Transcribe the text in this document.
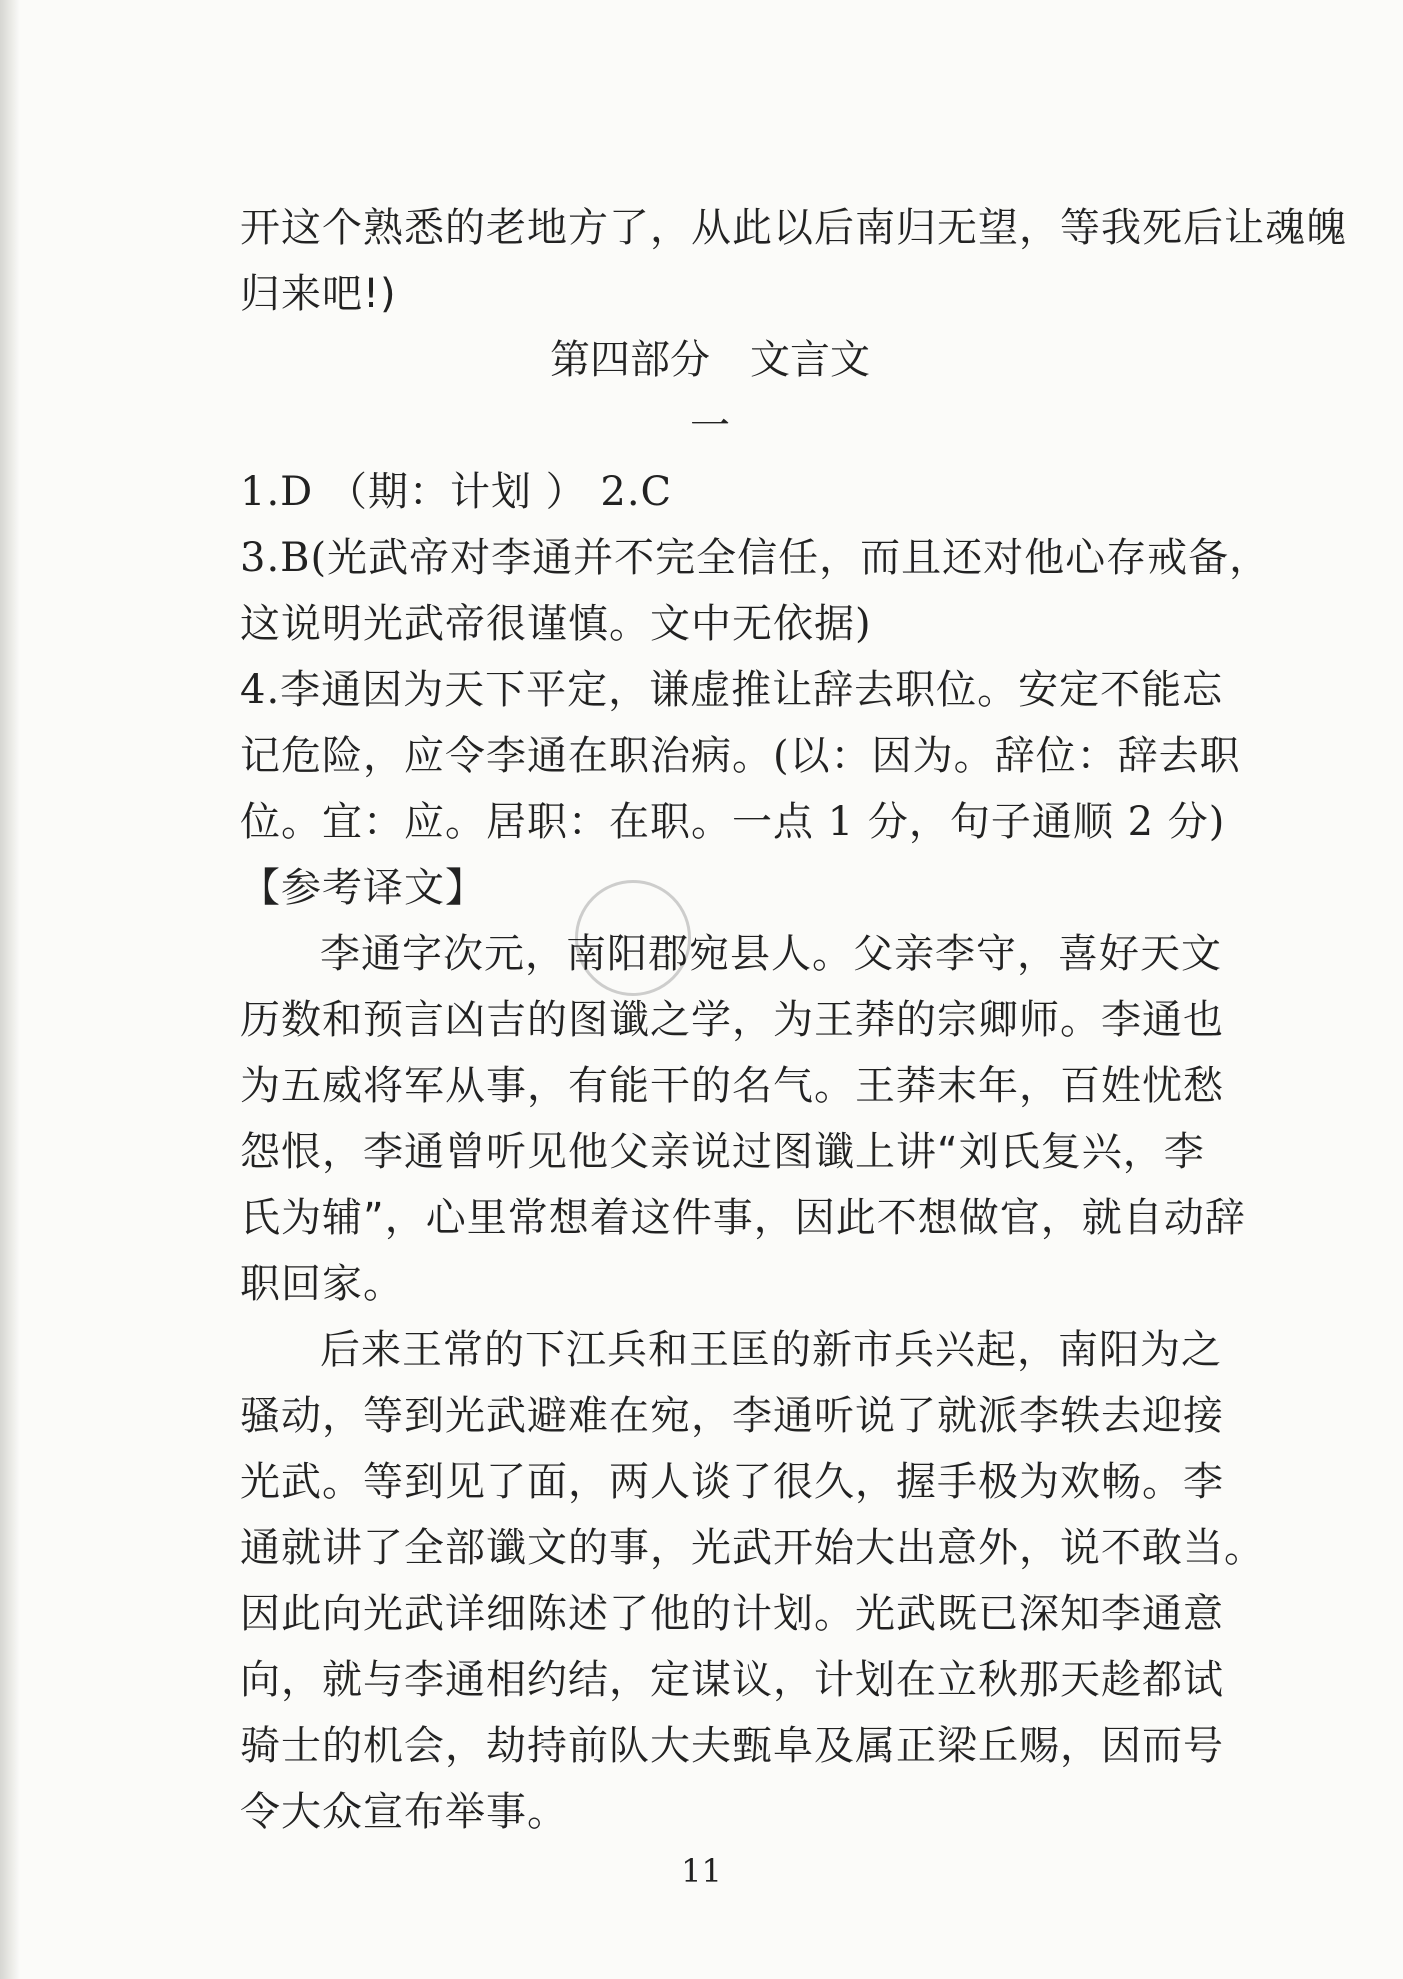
开这个熟悉的老地方了，从此以后南归无望，等我死后让魂魄

归来吧!)

第四部分 文言文
一

1.D （期：计划 ） 2.C

3.B(光武帝对李通并不完全信任，而且还对他心存戒备，

这说明光武帝很谨慎。文中无依据)

4.李通因为天下平定，谦虚推让辞去职位。安定不能忘

记危险，应令李通在职治病。(以：因为。辞位：辞去职

位。宜：应。居职：在职。一点 1 分，句子通顺 2 分)

【参考译文】

李通字次元，南阳郡宛县人。父亲李守，喜好天文

历数和预言凶吉的图谶之学，为王莽的宗卿师。李通也

为五威将军从事，有能干的名气。王莽末年，百姓忧愁

怨恨，李通曾听见他父亲说过图谶上讲“刘氏复兴，李

氏为辅”，心里常想着这件事，因此不想做官，就自动辞

职回家。

后来王常的下江兵和王匡的新市兵兴起，南阳为之

骚动，等到光武避难在宛，李通听说了就派李轶去迎接

光武。等到见了面，两人谈了很久，握手极为欢畅。李

通就讲了全部谶文的事，光武开始大出意外，说不敢当。

因此向光武详细陈述了他的计划。光武既已深知李通意

向，就与李通相约结，定谋议，计划在立秋那天趁都试

骑士的机会，劫持前队大夫甄阜及属正梁丘赐，因而号

令大众宣布举事。

11
